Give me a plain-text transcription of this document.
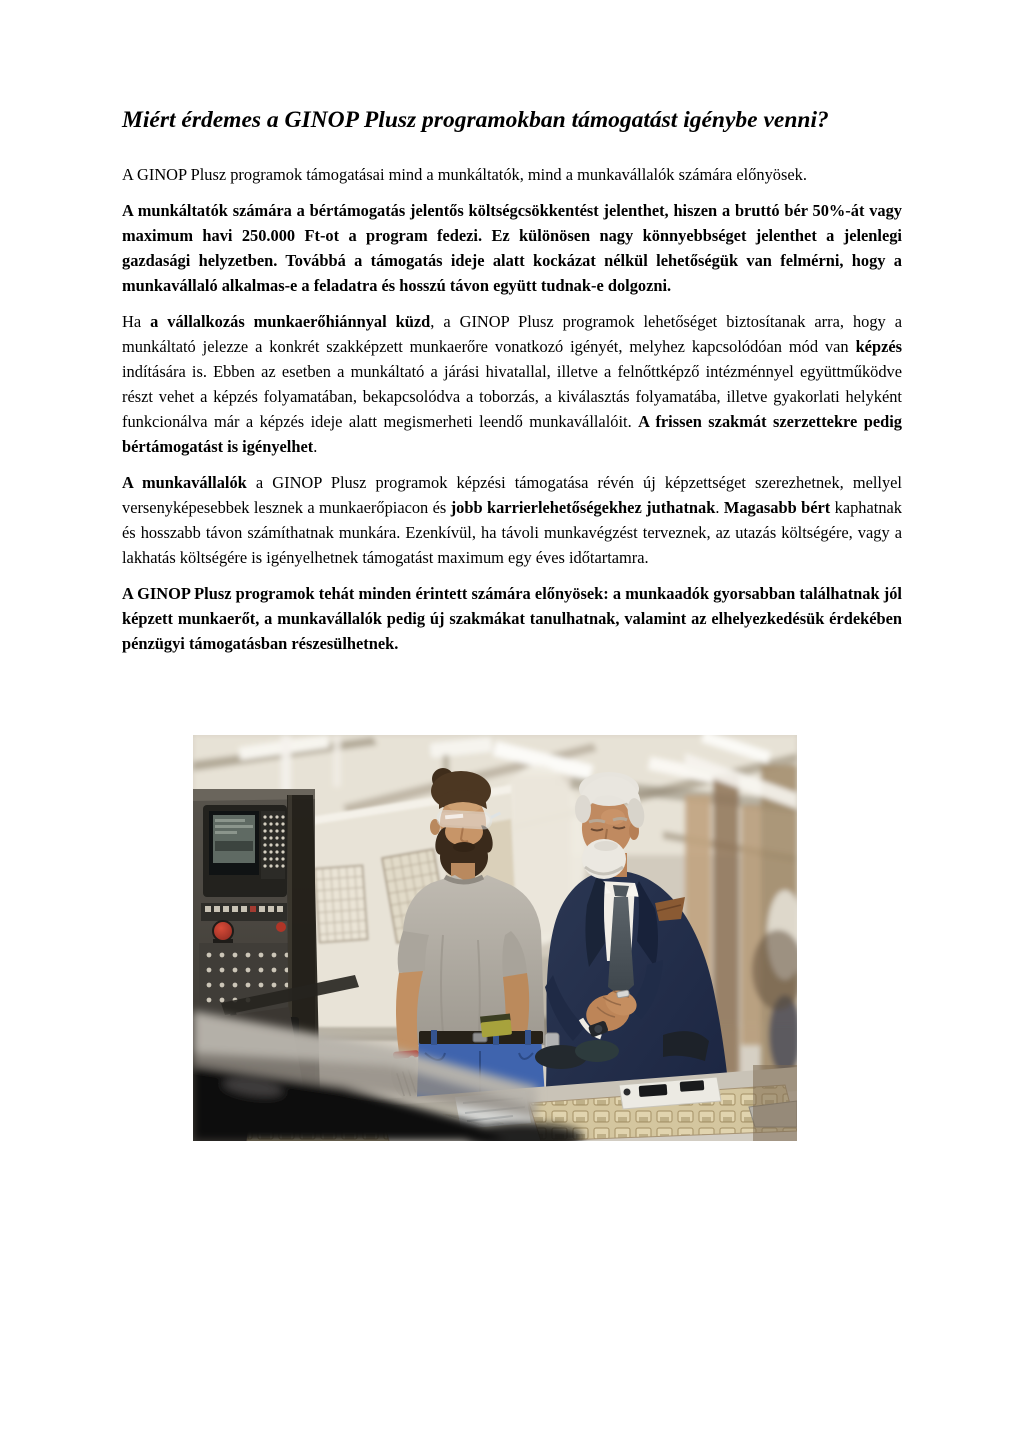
Miért érdemes a GINOP Plusz programokban támogatást igénybe venni?

A GINOP Plusz programok támogatásai mind a munkáltatók, mind a munkavállalók számára előnyösek.

A munkáltatók számára a bértámogatás jelentős költségcsökkentést jelenthet, hiszen a bruttó bér 50%-át vagy maximum havi 250.000 Ft-ot a program fedezi. Ez különösen nagy könnyebbséget jelenthet a jelenlegi gazdasági helyzetben. Továbbá a támogatás ideje alatt kockázat nélkül lehetőségük van felmérni, hogy a munkavállaló alkalmas-e a feladatra és hosszú távon együtt tudnak-e dolgozni.

Ha a vállalkozás munkaerőhiánnyal küzd, a GINOP Plusz programok lehetőséget biztosítanak arra, hogy a munkáltató jelezze a konkrét szakképzett munkaerőre vonatkozó igényét, melyhez kapcsolódóan mód van képzés indítására is. Ebben az esetben a munkáltató a járási hivatallal, illetve a felnőttképző intézménnyel együttműködve részt vehet a képzés folyamatában, bekapcsolódva a toborzás, a kiválasztás folyamatába, illetve gyakorlati helyként funkcionálva már a képzés ideje alatt megismerheti leendő munkavállalóit. A frissen szakmát szerzettekre pedig bértámogatást is igényelhet.

A munkavállalók a GINOP Plusz programok képzési támogatása révén új képzettséget szerezhetnek, mellyel versenyképesebbek lesznek a munkaerőpiacon és jobb karrierlehetőségekhez juthatnak. Magasabb bért kaphatnak és hosszabb távon számíthatnak munkára. Ezenkívül, ha távoli munkavégzést terveznek, az utazás költségére, vagy a lakhatás költségére is igényelhetnek támogatást maximum egy éves időtartamra.

A GINOP Plusz programok tehát minden érintett számára előnyösek: a munkaadók gyorsabban találhatnak jól képzett munkaerőt, a munkavállalók pedig új szakmákat tanulhatnak, valamint az elhelyezkedésük érdekében pénzügyi támogatásban részesülhetnek.
